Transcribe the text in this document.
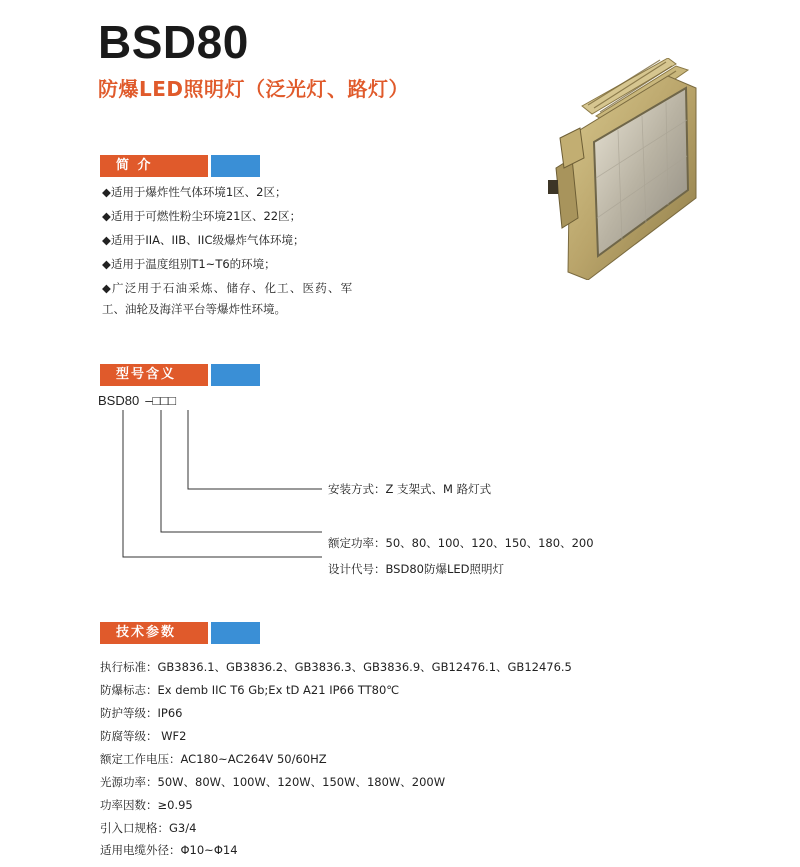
BSD80
防爆LED照明灯（泛光灯、路灯）
简 介
◆适用于爆炸性气体环境1区、2区；
◆适用于可燃性粉尘环境21区、22区；
◆适用于IIA、IIB、IIC级爆炸气体环境；
◆适用于温度组别T1~T6的环境；
◆广泛用于石油采炼、储存、化工、医药、军
工、油轮及海洋平台等爆炸性环境。
型号含义
BSD80 –□□□
安装方式：Z 支架式、M 路灯式
额定功率：50、80、100、120、150、180、200
设计代号：BSD80防爆LED照明灯
技术参数
执行标准：GB3836.1、GB3836.2、GB3836.3、GB3836.9、GB12476.1、GB12476.5
防爆标志：Ex demb IIC T6 Gb;Ex tD A21 IP66 TT80℃
防护等级：IP66
防腐等级： WF2
额定工作电压：AC180~AC264V 50/60HZ
光源功率：50W、80W、100W、120W、150W、180W、200W
功率因数：≥0.95
引入口规格：G3/4
适用电缆外径：Φ10~Φ14
